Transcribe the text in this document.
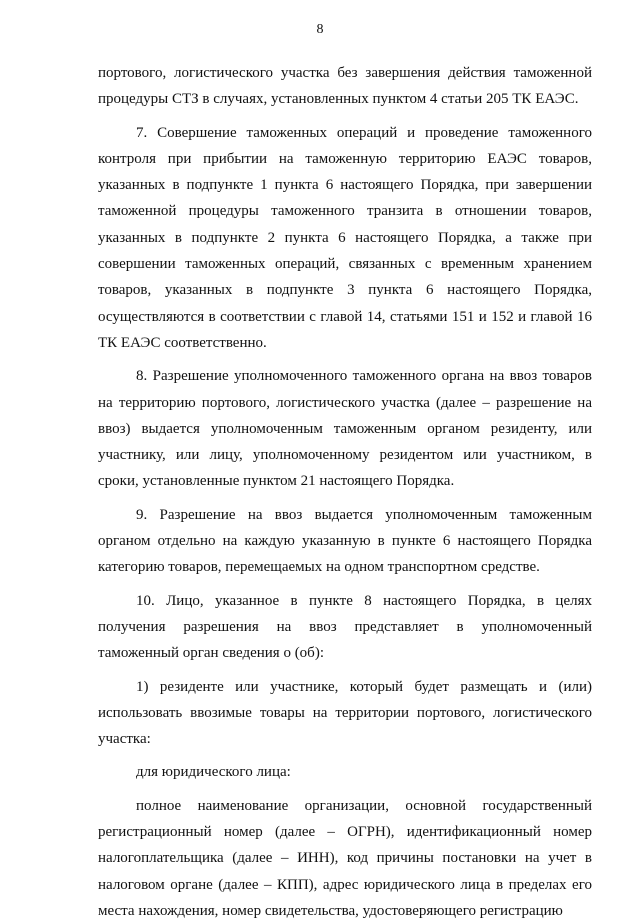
8

портового, логистического участка без завершения действия таможенной процедуры СТЗ в случаях, установленных пунктом 4 статьи 205 ТК ЕАЭС.

7. Совершение таможенных операций и проведение таможенного контроля при прибытии на таможенную территорию ЕАЭС товаров, указанных в подпункте 1 пункта 6 настоящего Порядка, при завершении таможенной процедуры таможенного транзита в отношении товаров, указанных в подпункте 2 пункта 6 настоящего Порядка, а также при совершении таможенных операций, связанных с временным хранением товаров, указанных в подпункте 3 пункта 6 настоящего Порядка, осуществляются в соответствии с главой 14, статьями 151 и 152 и главой 16 ТК ЕАЭС соответственно.

8. Разрешение уполномоченного таможенного органа на ввоз товаров на территорию портового, логистического участка (далее – разрешение на ввоз) выдается уполномоченным таможенным органом резиденту, или участнику, или лицу, уполномоченному резидентом или участником, в сроки, установленные пунктом 21 настоящего Порядка.

9. Разрешение на ввоз выдается уполномоченным таможенным органом отдельно на каждую указанную в пункте 6 настоящего Порядка категорию товаров, перемещаемых на одном транспортном средстве.

10. Лицо, указанное в пункте 8 настоящего Порядка, в целях получения разрешения на ввоз представляет в уполномоченный таможенный орган сведения о (об):

1) резиденте или участнике, который будет размещать и (или) использовать ввозимые товары на территории портового, логистического участка:

для юридического лица:

полное наименование организации, основной государственный регистрационный номер (далее – ОГРН), идентификационный номер налогоплательщика (далее – ИНН), код причины постановки на учет в налоговом органе (далее – КПП), адрес юридического лица в пределах его места нахождения, номер свидетельства, удостоверяющего регистрацию
